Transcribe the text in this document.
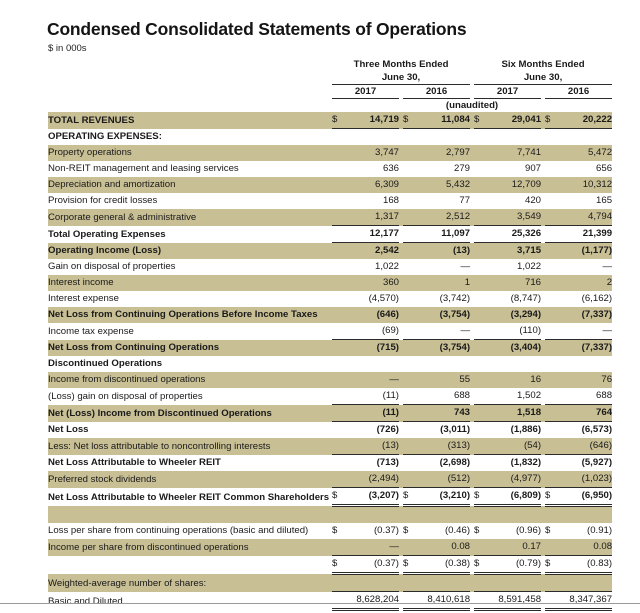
Condensed Consolidated Statements of Operations
$ in 000s
	Three Months Ended						Six Months Ended				
	June 30,						June 30,				
	2017			2016			2017			2016	
	(unaudited)										
TOTAL REVENUES	$	14,719		$	11,084		$	29,041		$	20,222
OPERATING EXPENSES:											
Property operations		3,747			2,797			7,741			5,472
Non-REIT management and leasing services		636			279			907			656
Depreciation and amortization		6,309			5,432			12,709			10,312
Provision for credit losses		168			77			420			165
Corporate general & administrative		1,317			2,512			3,549			4,794
Total Operating Expenses		12,177			11,097			25,326			21,399
Operating Income (Loss)		2,542			(13)			3,715			(1,177)
Gain on disposal of properties		1,022			—			1,022			—
Interest income		360			1			716			2
Interest expense		(4,570)			(3,742)			(8,747)			(6,162)
Net Loss from Continuing Operations Before Income Taxes		(646)			(3,754)			(3,294)			(7,337)
Income tax expense		(69)			—			(110)			—
Net Loss from Continuing Operations		(715)			(3,754)			(3,404)			(7,337)
Discontinued Operations											
Income from discontinued operations		—			55			16			76
(Loss) gain on disposal of properties		(11)			688			1,502			688
Net (Loss) Income from Discontinued Operations		(11)			743			1,518			764
Net Loss		(726)			(3,011)			(1,886)			(6,573)
Less: Net loss attributable to noncontrolling interests		(13)			(313)			(54)			(646)
Net Loss Attributable to Wheeler REIT		(713)			(2,698)			(1,832)			(5,927)
Preferred stock dividends		(2,494)			(512)			(4,977)			(1,023)
Net Loss Attributable to Wheeler REIT Common Shareholders	$	(3,207)		$	(3,210)		$	(6,809)		$	(6,950)

Loss per share from continuing operations (basic and diluted)	$	(0.37)		$	(0.46)		$	(0.96)		$	(0.91)
Income per share from discontinued operations		—			0.08			0.17			0.08
	$	(0.37)		$	(0.38)		$	(0.79)		$	(0.83)
Weighted-average number of shares:											
Basic and Diluted		8,628,204			8,410,618			8,591,458			8,347,367
